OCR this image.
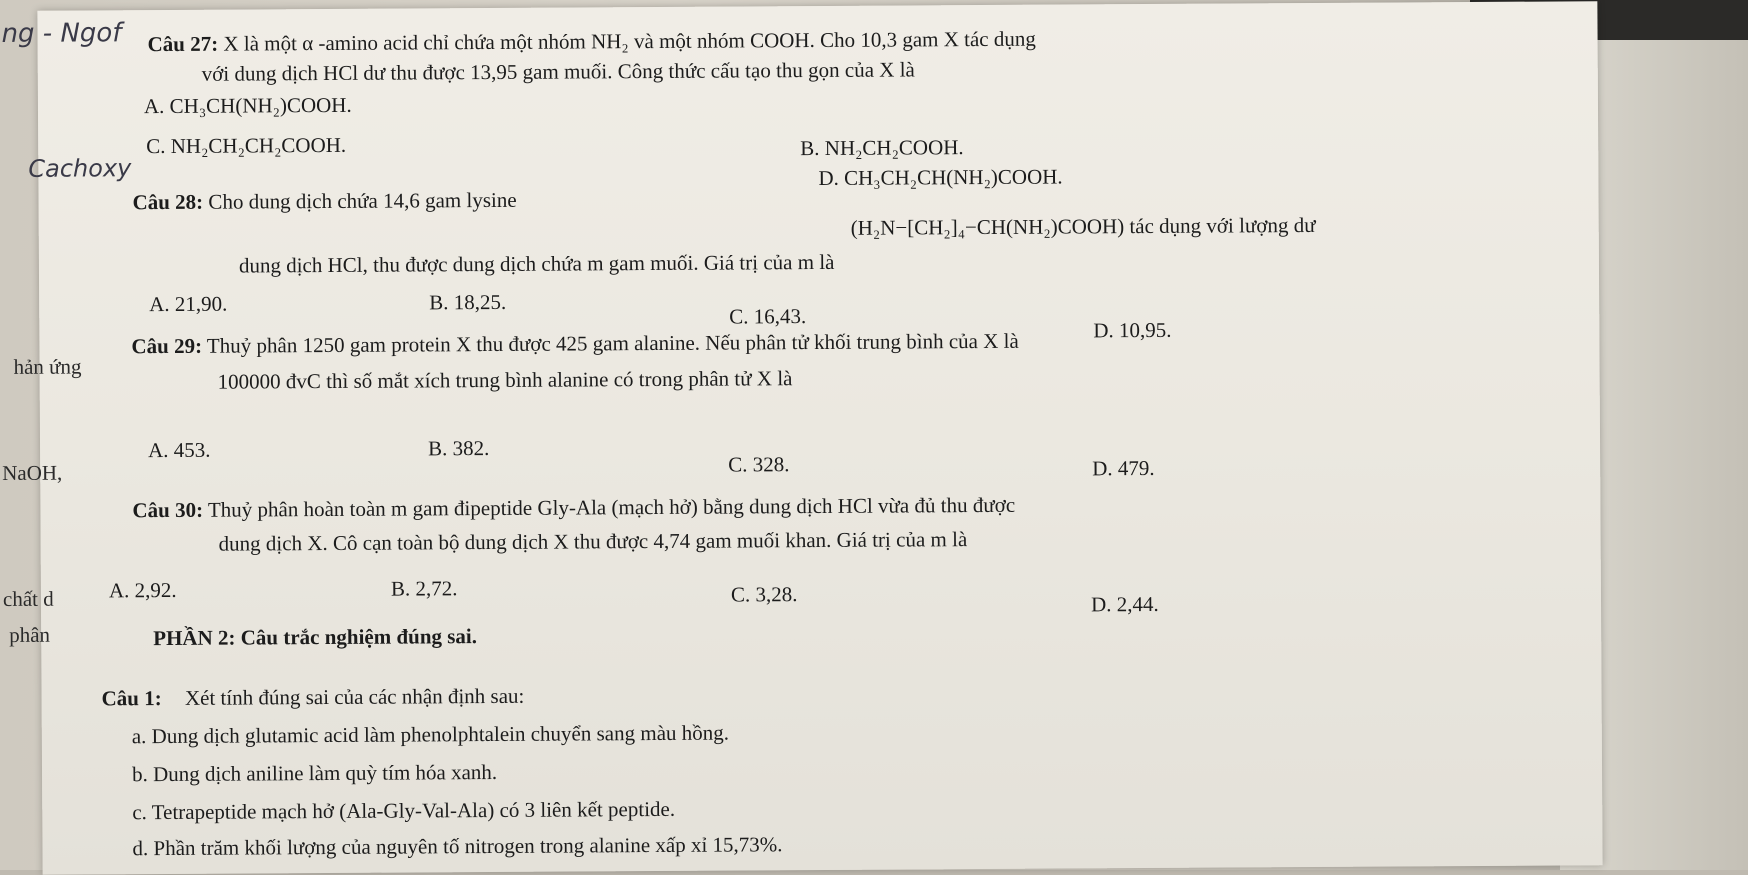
ng - Ngof
Cachoxy
hản ứng
NaOH,
chất d
phân
Câu 27: X là một α -amino acid chỉ chứa một nhóm NH₂ và một nhóm COOH. Cho 10,3 gam X tác dụng
với dung dịch HCl dư thu được 13,95 gam muối. Công thức cấu tạo thu gọn của X là
A. CH₃CH(NH₂)COOH.
C. NH₂CH₂CH₂COOH.	B. NH₂CH₂COOH.
D. CH₃CH₂CH(NH₂)COOH.
Câu 28: Cho dung dịch chứa 14,6 gam lysine
(H₂N−[CH₂]₄−CH(NH₂)COOH) tác dụng với lượng dư
dung dịch HCl, thu được dung dịch chứa m gam muối. Giá trị của m là
A. 21,90.	B. 18,25.
C. 16,43.
D. 10,95.
Câu 29: Thuỷ phân 1250 gam protein X thu được 425 gam alanine. Nếu phân tử khối trung bình của X là
100000 đvC thì số mắt xích trung bình alanine có trong phân tử X là
A. 453.	B. 382.
C. 328.	D. 479.
Câu 30: Thuỷ phân hoàn toàn m gam đipeptide Gly-Ala (mạch hở) bằng dung dịch HCl vừa đủ thu được
dung dịch X. Cô cạn toàn bộ dung dịch X thu được 4,74 gam muối khan. Giá trị của m là
A. 2,92.	B. 2,72.	C. 3,28.	D. 2,44.
PHẦN 2: Câu trắc nghiệm đúng sai.
Câu 1: Xét tính đúng sai của các nhận định sau:
a. Dung dịch glutamic acid làm phenolphtalein chuyển sang màu hồng.
b. Dung dịch aniline làm quỳ tím hóa xanh.
c. Tetrapeptide mạch hở (Ala-Gly-Val-Ala) có 3 liên kết peptide.
d. Phần trăm khối lượng của nguyên tố nitrogen trong alanine xấp xỉ 15,73%.
